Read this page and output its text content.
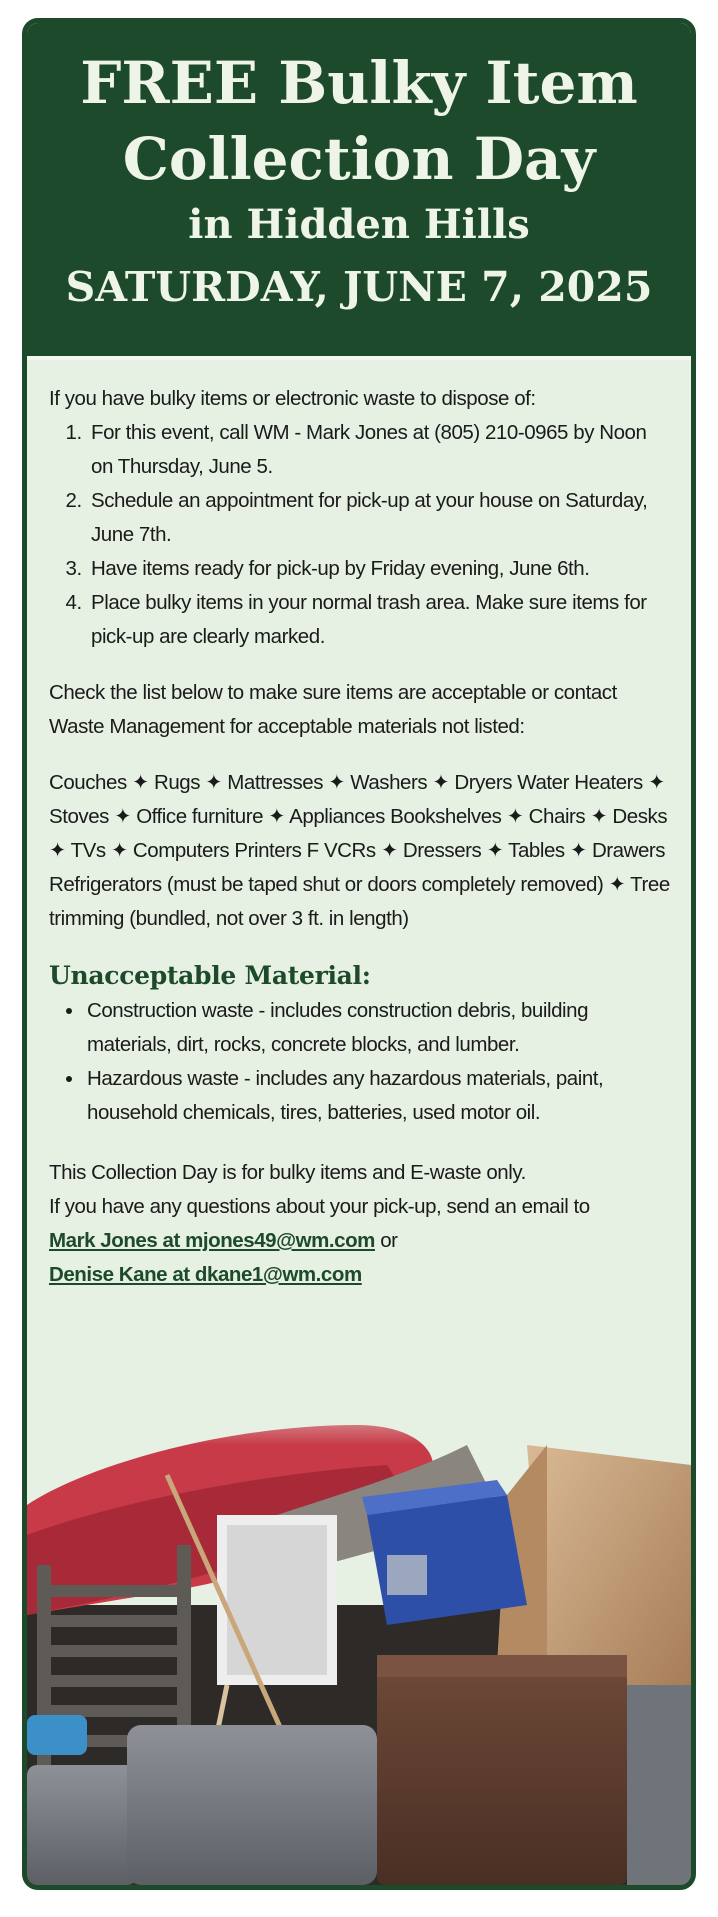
FREE Bulky Item
Collection Day
in Hidden Hills
SATURDAY, JUNE 7, 2025

If you have bulky items or electronic waste to dispose of:

1. For this event, call WM - Mark Jones at (805) 210-0965 by Noon on Thursday, June 5.
2. Schedule an appointment for pick-up at your house on Saturday, June 7th.
3. Have items ready for pick-up by Friday evening, June 6th.
4. Place bulky items in your normal trash area. Make sure items for pick-up are clearly marked.

Check the list below to make sure items are acceptable or contact Waste Management for acceptable materials not listed:

Couches ✦ Rugs ✦ Mattresses ✦ Washers ✦ Dryers Water Heaters ✦ Stoves ✦ Office furniture ✦ Appliances Bookshelves ✦ Chairs ✦ Desks ✦ TVs ✦ Computers Printers F VCRs ✦ Dressers ✦ Tables ✦ Drawers Refrigerators (must be taped shut or doors completely removed) ✦ Tree trimming (bundled, not over 3 ft. in length)

Unacceptable Material:
• Construction waste - includes construction debris, building materials, dirt, rocks, concrete blocks, and lumber.
• Hazardous waste - includes any hazardous materials, paint, household chemicals, tires, batteries, used motor oil.

This Collection Day is for bulky items and E-waste only.

If you have any questions about your pick-up, send an email to

Mark Jones at mjones49@wm.com or

Denise Kane at dkane1@wm.com
